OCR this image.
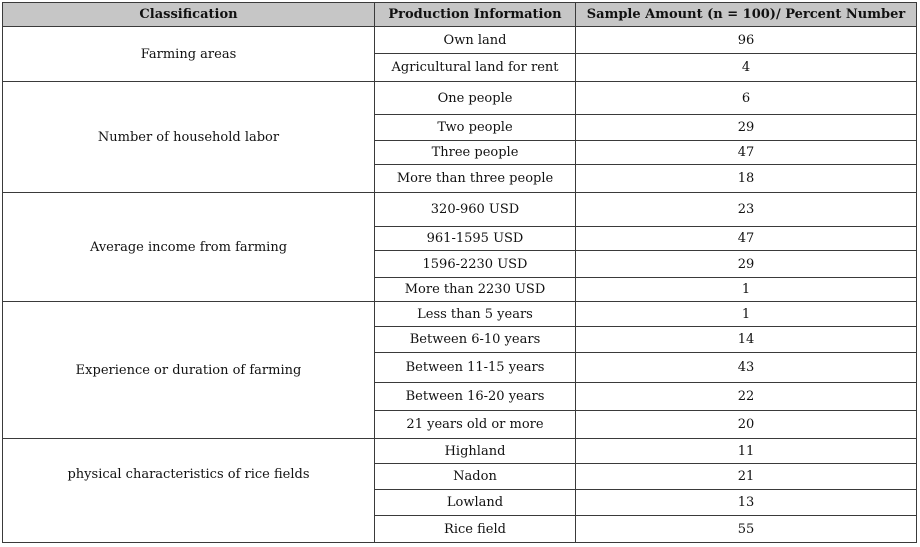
Classification	Production Information	Sample Amount (n = 100)/ Percent Number
Farming areas	Own land	96
	Agricultural land for rent	4
Number of household labor	One people	6
	Two people	29
	Three people	47
	More than three people	18
Average income from farming	320-960 USD	23
	961-1595 USD	47
	1596-2230 USD	29
	More than 2230 USD	1
Experience or duration of farming	Less than 5 years	1
	Between 6-10 years	14
	Between 11-15 years	43
	Between 16-20 years	22
	21 years old or more	20
physical characteristics of rice fields	Highland	11
	Nadon	21
	Lowland	13
	Rice field	55
